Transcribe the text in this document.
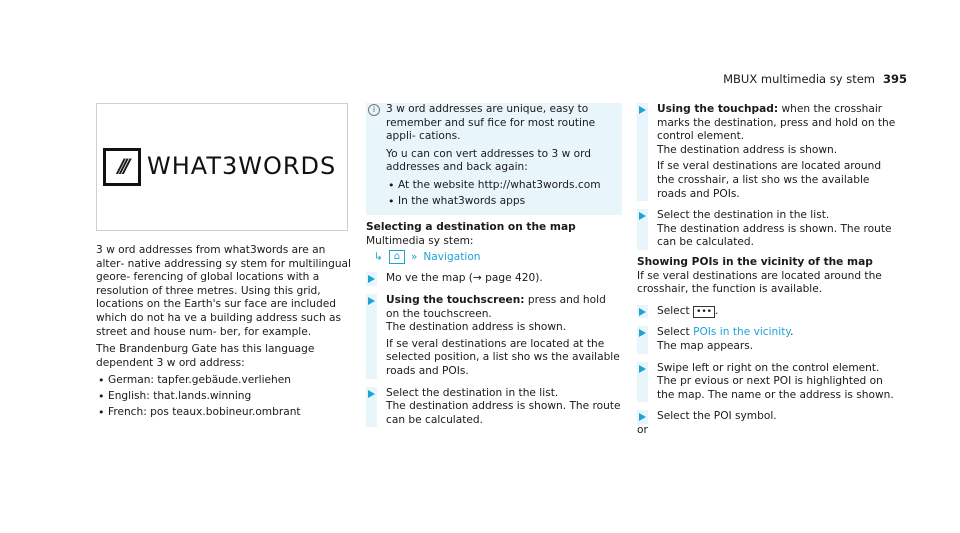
MBUX multimedia sy stem 395
/// WHAT3WORDS

3 w ord addresses from what3words are an alter‐ native addressing sy stem for multilingual geore‐ ferencing of global locations with a resolution of three metres. Using this grid, locations on the Earth's sur face are included which do not ha ve a building address such as street and house num‐ ber, for example.

The Brandenburg Gate has this language dependent 3 w ord address:

• German: tapfer.gebäude.verliehen
• English: that.lands.winning
• French: pos teaux.bobineur.ombrant
i	3 w ord addresses are unique, easy to remember and suf fice for most routine appli‐ cations.

Yo u can con vert addresses to 3 w ord addresses and back again:

• At the website http://what3words.com
• In the what3words apps
Selecting a destination on the map
Multimedia sy stem:
↳	⌂	» Navigation
Mo ve the map (→ page 420).
Using the touchscreen: press and hold on the touchscreen.
The destination address is shown.
If se veral destinations are located at the selected position, a list sho ws the available roads and POIs.
Select the destination in the list.
The destination address is shown. The route can be calculated.
Using the touchpad: when the crosshair marks the destination, press and hold on the control element.
The destination address is shown.
If se veral destinations are located around the crosshair, a list sho ws the available roads and POIs.
Select the destination in the list.
The destination address is shown. The route can be calculated.
Showing POIs in the vicinity of the map
If se veral destinations are located around the crosshair, the function is available.
Select ••• .
Select POIs in the vicinity.
The map appears.
Swipe left or right on the control element. The pr evious or next POI is highlighted on the map. The name or the address is shown.
Select the POI symbol.
or
